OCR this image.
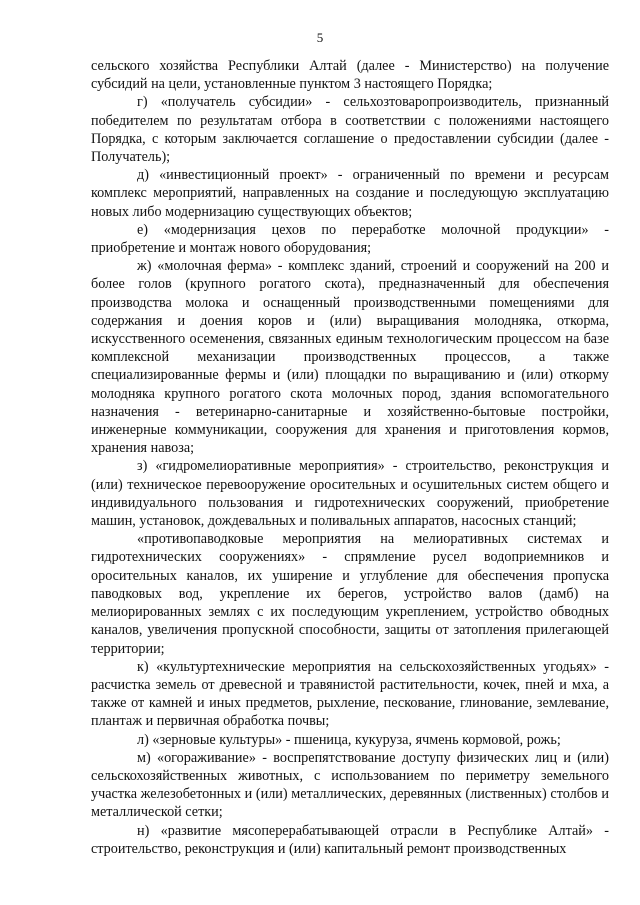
5

сельского хозяйства Республики Алтай (далее - Министерство) на получение субсидий на цели, установленные пунктом 3 настоящего Порядка;

г) «получатель субсидии» - сельхозтоваропроизводитель, признанный победителем по результатам отбора в соответствии с положениями настоящего Порядка, с которым заключается соглашение о предоставлении субсидии (далее - Получатель);

д) «инвестиционный проект» - ограниченный по времени и ресурсам комплекс мероприятий, направленных на создание и последующую эксплуатацию новых либо модернизацию существующих объектов;

е) «модернизация цехов по переработке молочной продукции» - приобретение и монтаж нового оборудования;

ж) «молочная ферма» - комплекс зданий, строений и сооружений на 200 и более голов (крупного рогатого скота), предназначенный для обеспечения производства молока и оснащенный производственными помещениями для содержания и доения коров и (или) выращивания молодняка, откорма, искусственного осеменения, связанных единым технологическим процессом на базе комплексной механизации производственных процессов, а также специализированные фермы и (или) площадки по выращиванию и (или) откорму молодняка крупного рогатого скота молочных пород, здания вспомогательного назначения - ветеринарно-санитарные и хозяйственно-бытовые постройки, инженерные коммуникации, сооружения для хранения и приготовления кормов, хранения навоза;

з) «гидромелиоративные мероприятия» - строительство, реконструкция и (или) техническое перевооружение оросительных и осушительных систем общего и индивидуального пользования и гидротехнических сооружений, приобретение машин, установок, дождевальных и поливальных аппаратов, насосных станций;

«противопаводковые мероприятия на мелиоративных системах и гидротехнических сооружениях» - спрямление русел водоприемников и оросительных каналов, их уширение и углубление для обеспечения пропуска паводковых вод, укрепление их берегов, устройство валов (дамб) на мелиорированных землях с их последующим укреплением, устройство обводных каналов, увеличения пропускной способности, защиты от затопления прилегающей территории;

к) «культуртехнические мероприятия на сельскохозяйственных угодьях» - расчистка земель от древесной и травянистой растительности, кочек, пней и мха, а также от камней и иных предметов, рыхление, пескование, глинование, землевание, плантаж и первичная обработка почвы;

л) «зерновые культуры» - пшеница, кукуруза, ячмень кормовой, рожь;

м) «огораживание» - воспрепятствование доступу физических лиц и (или) сельскохозяйственных животных, с использованием по периметру земельного участка железобетонных и (или) металлических, деревянных (лиственных) столбов и металлической сетки;

н) «развитие мясоперерабатывающей отрасли в Республике Алтай» - строительство, реконструкция и (или) капитальный ремонт производственных
